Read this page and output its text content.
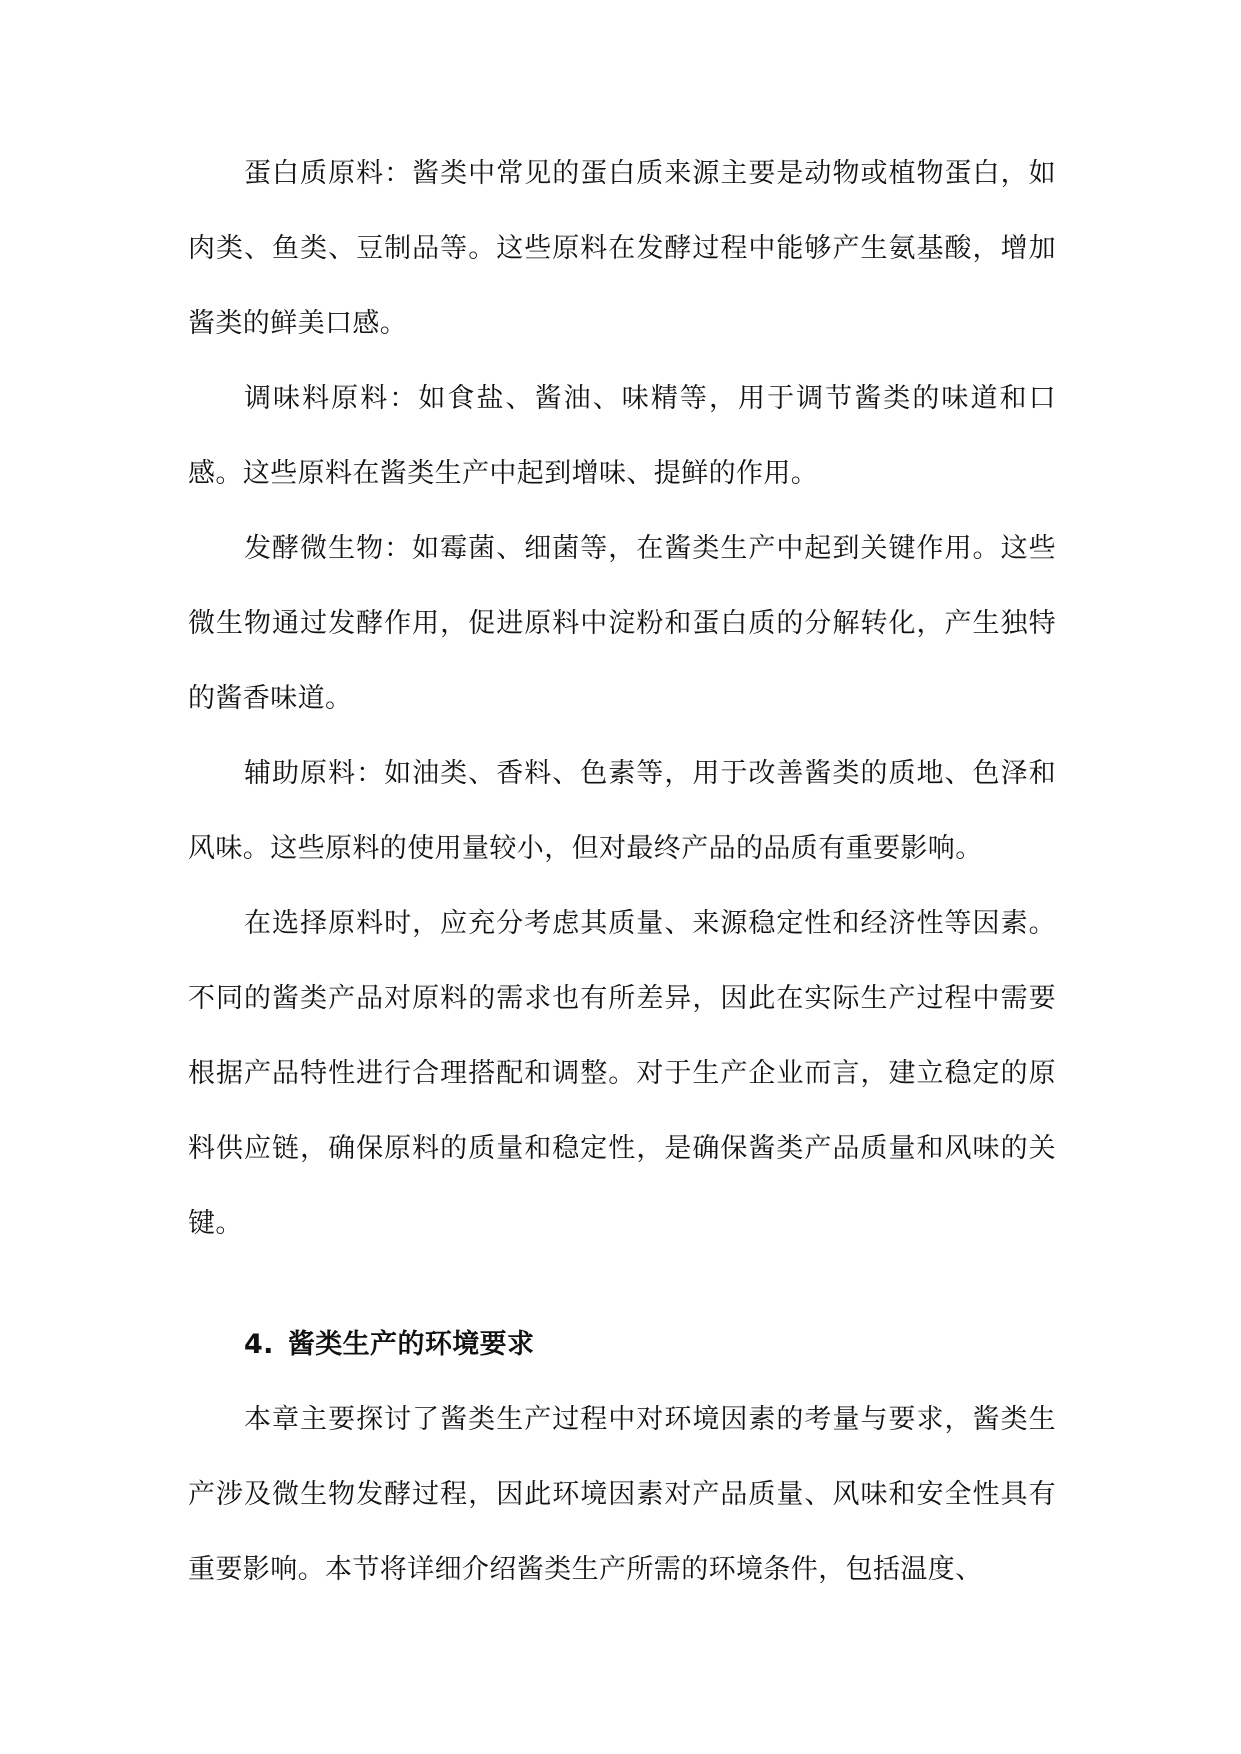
蛋白质原料：酱类中常见的蛋白质来源主要是动物或植物蛋白，如肉类、鱼类、豆制品等。这些原料在发酵过程中能够产生氨基酸，增加酱类的鲜美口感。

调味料原料：如食盐、酱油、味精等，用于调节酱类的味道和口感。这些原料在酱类生产中起到增味、提鲜的作用。

发酵微生物：如霉菌、细菌等，在酱类生产中起到关键作用。这些微生物通过发酵作用，促进原料中淀粉和蛋白质的分解转化，产生独特的酱香味道。

辅助原料：如油类、香料、色素等，用于改善酱类的质地、色泽和风味。这些原料的使用量较小，但对最终产品的品质有重要影响。

在选择原料时，应充分考虑其质量、来源稳定性和经济性等因素。不同的酱类产品对原料的需求也有所差异，因此在实际生产过程中需要根据产品特性进行合理搭配和调整。对于生产企业而言，建立稳定的原料供应链，确保原料的质量和稳定性，是确保酱类产品质量和风味的关键。

4. 酱类生产的环境要求

本章主要探讨了酱类生产过程中对环境因素的考量与要求，酱类生产涉及微生物发酵过程，因此环境因素对产品质量、风味和安全性具有重要影响。本节将详细介绍酱类生产所需的环境条件，包括温度、
